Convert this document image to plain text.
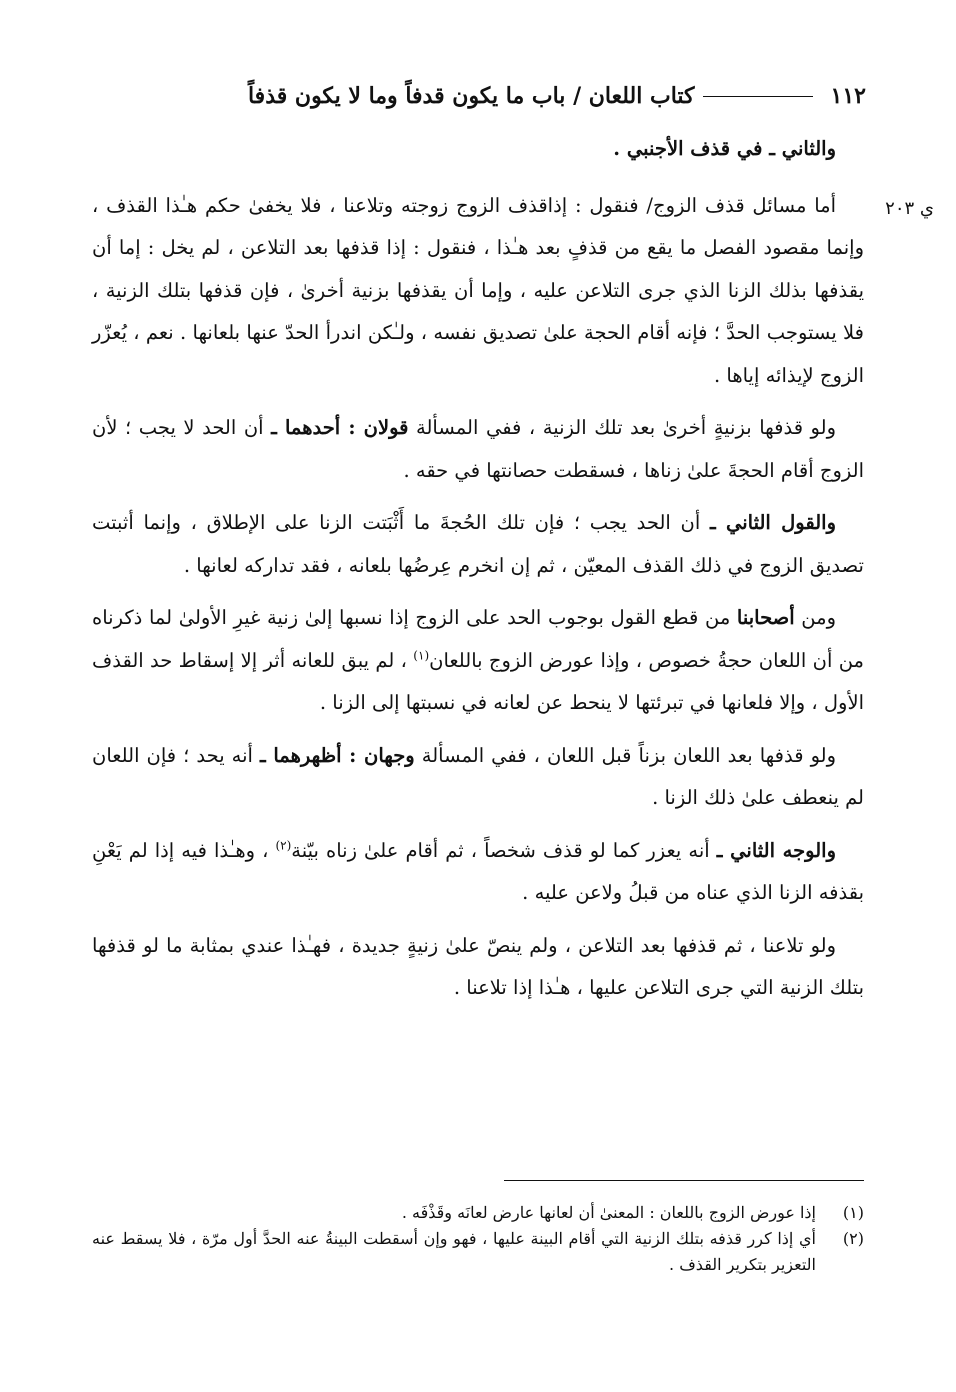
١١٢
كتاب اللعان / باب ما يكون قدفاً وما لا يكون قذفاً
ي ٢٠٣

والثاني ـ في قذف الأجنبي .

أما مسائل قذف الزوج/ فنقول : إذاقذف الزوج زوجته وتلاعنا ، فلا يخفىٰ حكم هـٰذا القذف ، وإنما مقصود الفصل ما يقع من قذفٍ بعد هـٰذا ، فنقول : إذا قذفها بعد التلاعن ، لم يخل : إما أن يقذفها بذلك الزنا الذي جرى التلاعن عليه ، وإما أن يقذفها بزنية أخرىٰ ، فإن قذفها بتلك الزنية ، فلا يستوجب الحدَّ ؛ فإنه أقام الحجة علىٰ تصديق نفسه ، ولـٰكن اندرأ الحدّ عنها بلعانها . نعم ، يُعزّر الزوج لإيذائه إياها .

ولو قذفها بزنيةٍ أخرىٰ بعد تلك الزنية ، ففي المسألة قولان : أحدهما ـ أن الحد لا يجب ؛ لأن الزوج أقام الحجةَ علىٰ زناها ، فسقطت حصانتها في حقه .

والقول الثاني ـ أن الحد يجب ؛ فإن تلك الحُجةَ ما أَثْبَتت الزنا على الإطلاق ، وإنما أثبتت تصديق الزوج في ذلك القذف المعيّن ، ثم إن انخرم عِرضُها بلعانه ، فقد تداركه لعانها .

ومن أصحابنا من قطع القول بوجوب الحد على الزوج إذا نسبها إلىٰ زنية غيرِ الأولىٰ لما ذكرناه من أن اللعان حجةُ خصوص ، وإذا عورض الزوج باللعان$^{(١)}$ ، لم يبق للعانه أثر إلا إسقاط حد القذف الأول ، وإلا فلعانها في تبرئتها لا ينحط عن لعانه في نسبتها إلى الزنا .

ولو قذفها بعد اللعان بزناً قبل اللعان ، ففي المسألة وجهان : أظهرهما ـ أنه يحد ؛ فإن اللعان لم ينعطف علىٰ ذلك الزنا .

والوجه الثاني ـ أنه يعزر كما لو قذف شخصاً ، ثم أقام علىٰ زناه بيّنة$^{(٢)}$ ، وهـٰذا فيه إذا لم يَعْنِ بقذفه الزنا الذي عناه من قبلُ ولاعن عليه .

ولو تلاعنا ، ثم قذفها بعد التلاعن ، ولم ينصّ علىٰ زنيةٍ جديدة ، فهـٰذا عندي بمثابة ما لو قذفها بتلك الزنية التي جرى التلاعن عليها ، هـٰذا إذا تلاعنا .

(١)
إذا عورض الزوج باللعان : المعنىٰ أن لعانها عارض لعانَه وقَذْفَه .
(٢)
أي إذا كرر قذفه بتلك الزنية التي أقام البينة عليها ، فهو وإن أسقطت البينةُ عنه الحدَّ أول مرّة ، فلا يسقط عنه التعزير بتكرير القذف .
